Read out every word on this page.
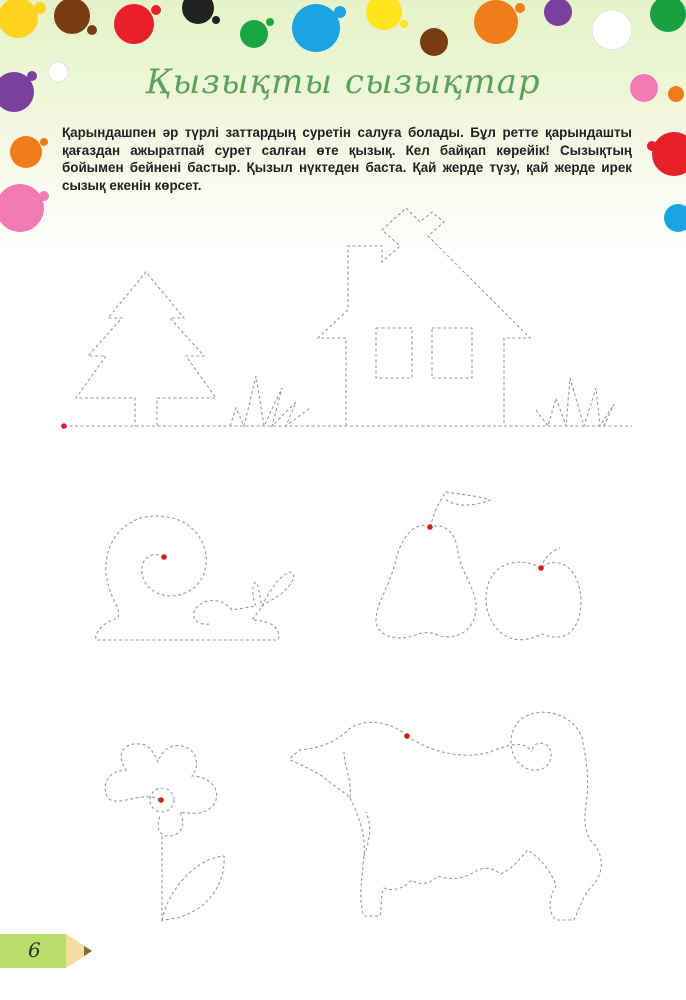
Қызықты сызықтар
Қарындашпен әр түрлі заттардың суретін салуға болады. Бұл ретте қарындашты қағаздан ажыратпай сурет салған өте қызық. Кел байқап көрейік! Сызықтың бойымен бейнені бастыр. Қызыл нүктеден баста. Қай жерде түзу, қай жерде ирек сызық екенін көрсет.
6
